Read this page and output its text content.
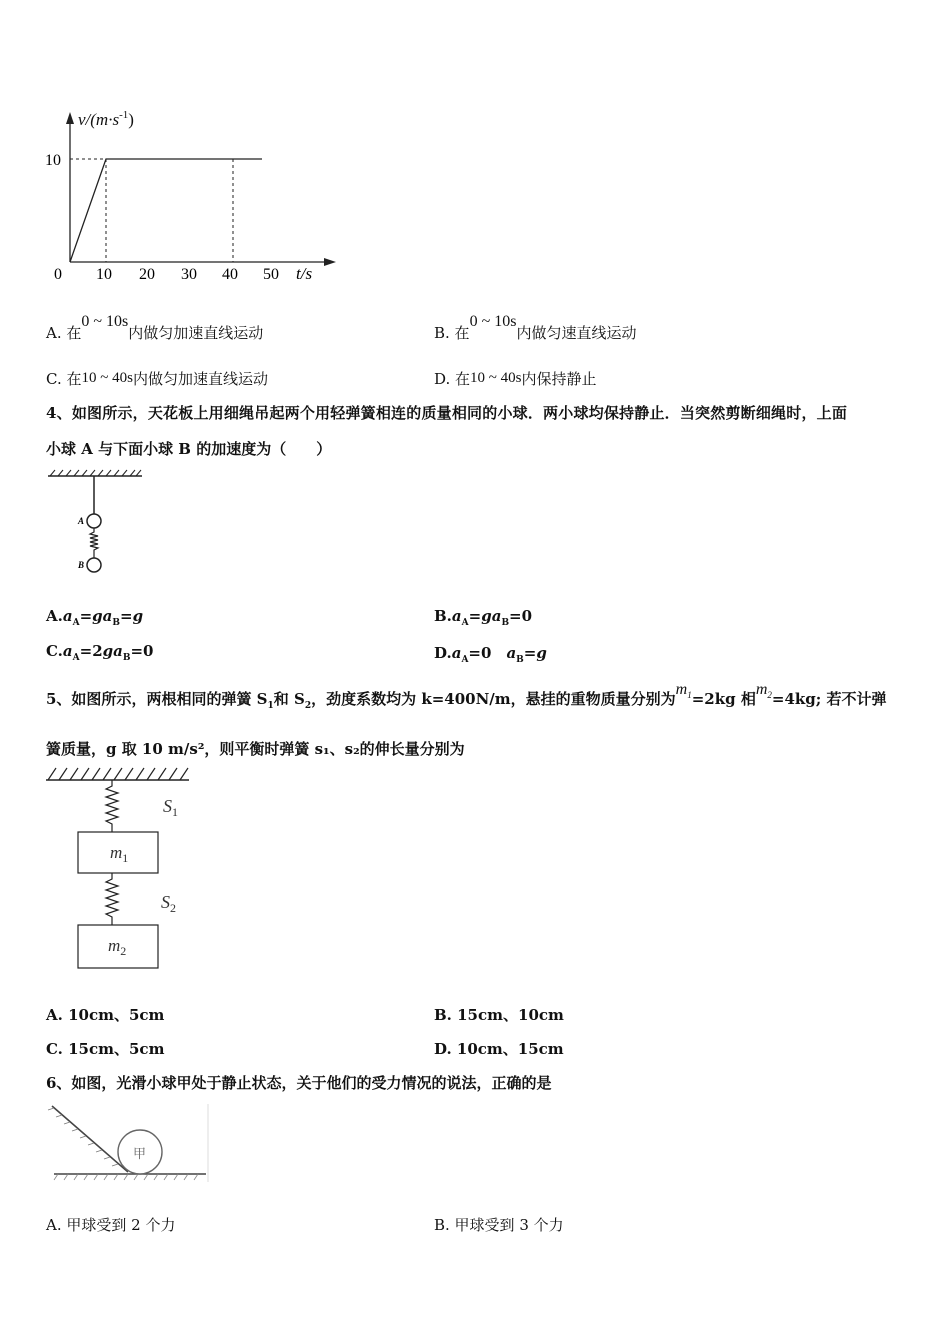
$v/(m\cdot s^{-1})$
10
0 10 20 30 40 50 t/s
A. 在0 ~ 10s内做匀加速直线运动	B. 在0 ~ 10s内做匀速直线运动
C. 在10 ~ 40s内做匀加速直线运动	D. 在10 ~ 40s内保持静止
4、如图所示，天花板上用细绳吊起两个用轻弹簧相连的质量相同的小球．两小球均保持静止．当突然剪断细绳时，上面
小球 A 与下面小球 B 的加速度为（　　）
A
B
$A.a_A=ga_B=g$	$B.a_A=ga_B=0$
$C.a_A=2ga_B=0$	$D.a_A=0$　$a_B=g$
5、如图所示，两根相同的弹簧 $S_1$和 $S_2$，劲度系数均为 k=400N/m，悬挂的重物质量分别为$m_1=2kg$ 相$m_2=4kg$; 若不计弹
簧质量，g 取 10 m/s²，则平衡时弹簧 s₁、s₂的伸长量分别为
$S_1$
$S_2$
$m_1$
$m_2$
A. 10cm、5cm	B. 15cm、10cm
C. 15cm、5cm	D. 10cm、15cm
6、如图，光滑小球甲处于静止状态，关于他们的受力情况的说法，正确的是
甲
A. 甲球受到 2 个力	B. 甲球受到 3 个力
